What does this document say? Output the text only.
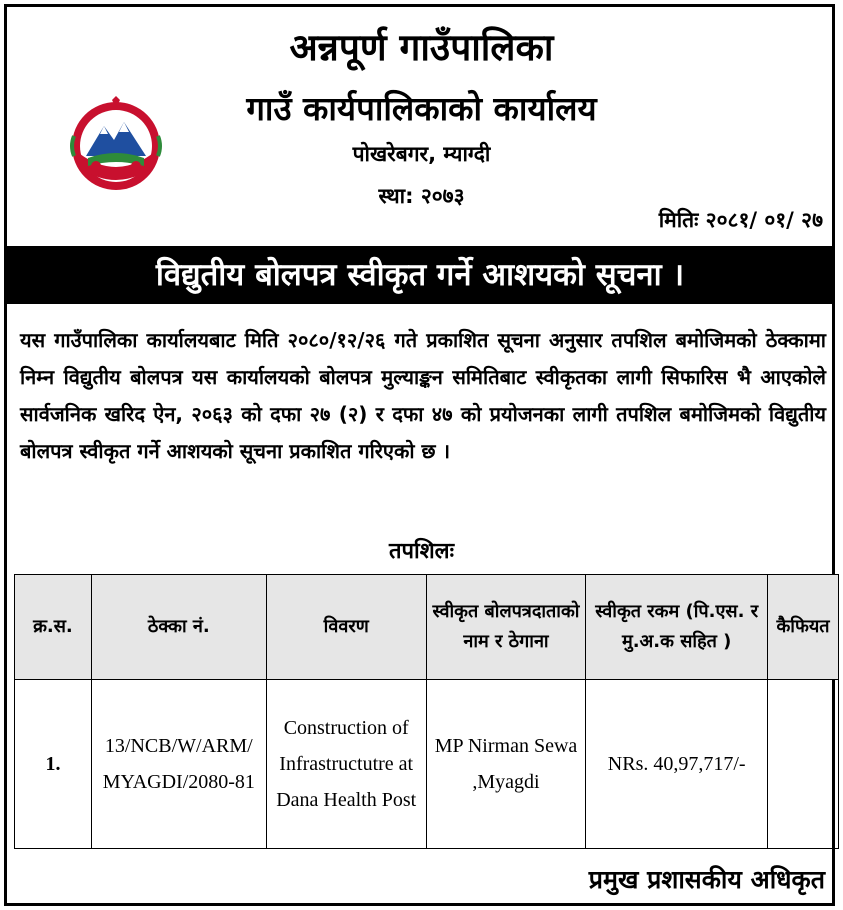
अन्नपूर्ण गाउँपालिका
गाउँ कार्यपालिकाको कार्यालय
पोखरेबगर, म्याग्दी
स्था: २०७३
मितिः २०८१/ ०१/ २७
विद्युतीय बोलपत्र स्वीकृत गर्ने आशयको सूचना ।
यस गाउँपालिका कार्यालयबाट मिति २०८०/१२/२६ गते प्रकाशित सूचना अनुसार तपशिल बमोजिमको ठेक्कामा निम्न विद्युतीय बोलपत्र यस कार्यालयको बोलपत्र मुल्याङ्कन समितिबाट स्वीकृतका लागी सिफारिस भै आएकोले सार्वजनिक खरिद ऐन, २०६३ को दफा २७ (२) र दफा ४७ को प्रयोजनका लागी तपशिल बमोजिमको विद्युतीय बोलपत्र स्वीकृत गर्ने आशयको सूचना प्रकाशित गरिएको छ ।
तपशिलः
क्र.स.	ठेक्का नं.	विवरण	स्वीकृत बोलपत्रदाताको नाम र ठेगाना	स्वीकृत रकम (पि.एस. र मु.अ.क सहित )	कैफियत
1.	13/NCB/W/ARM/ MYAGDI/2080-81	Construction of Infrastructutre at Dana Health Post	MP Nirman Sewa ,Myagdi	NRs. 40,97,717/-	
प्रमुख प्रशासकीय अधिकृत
